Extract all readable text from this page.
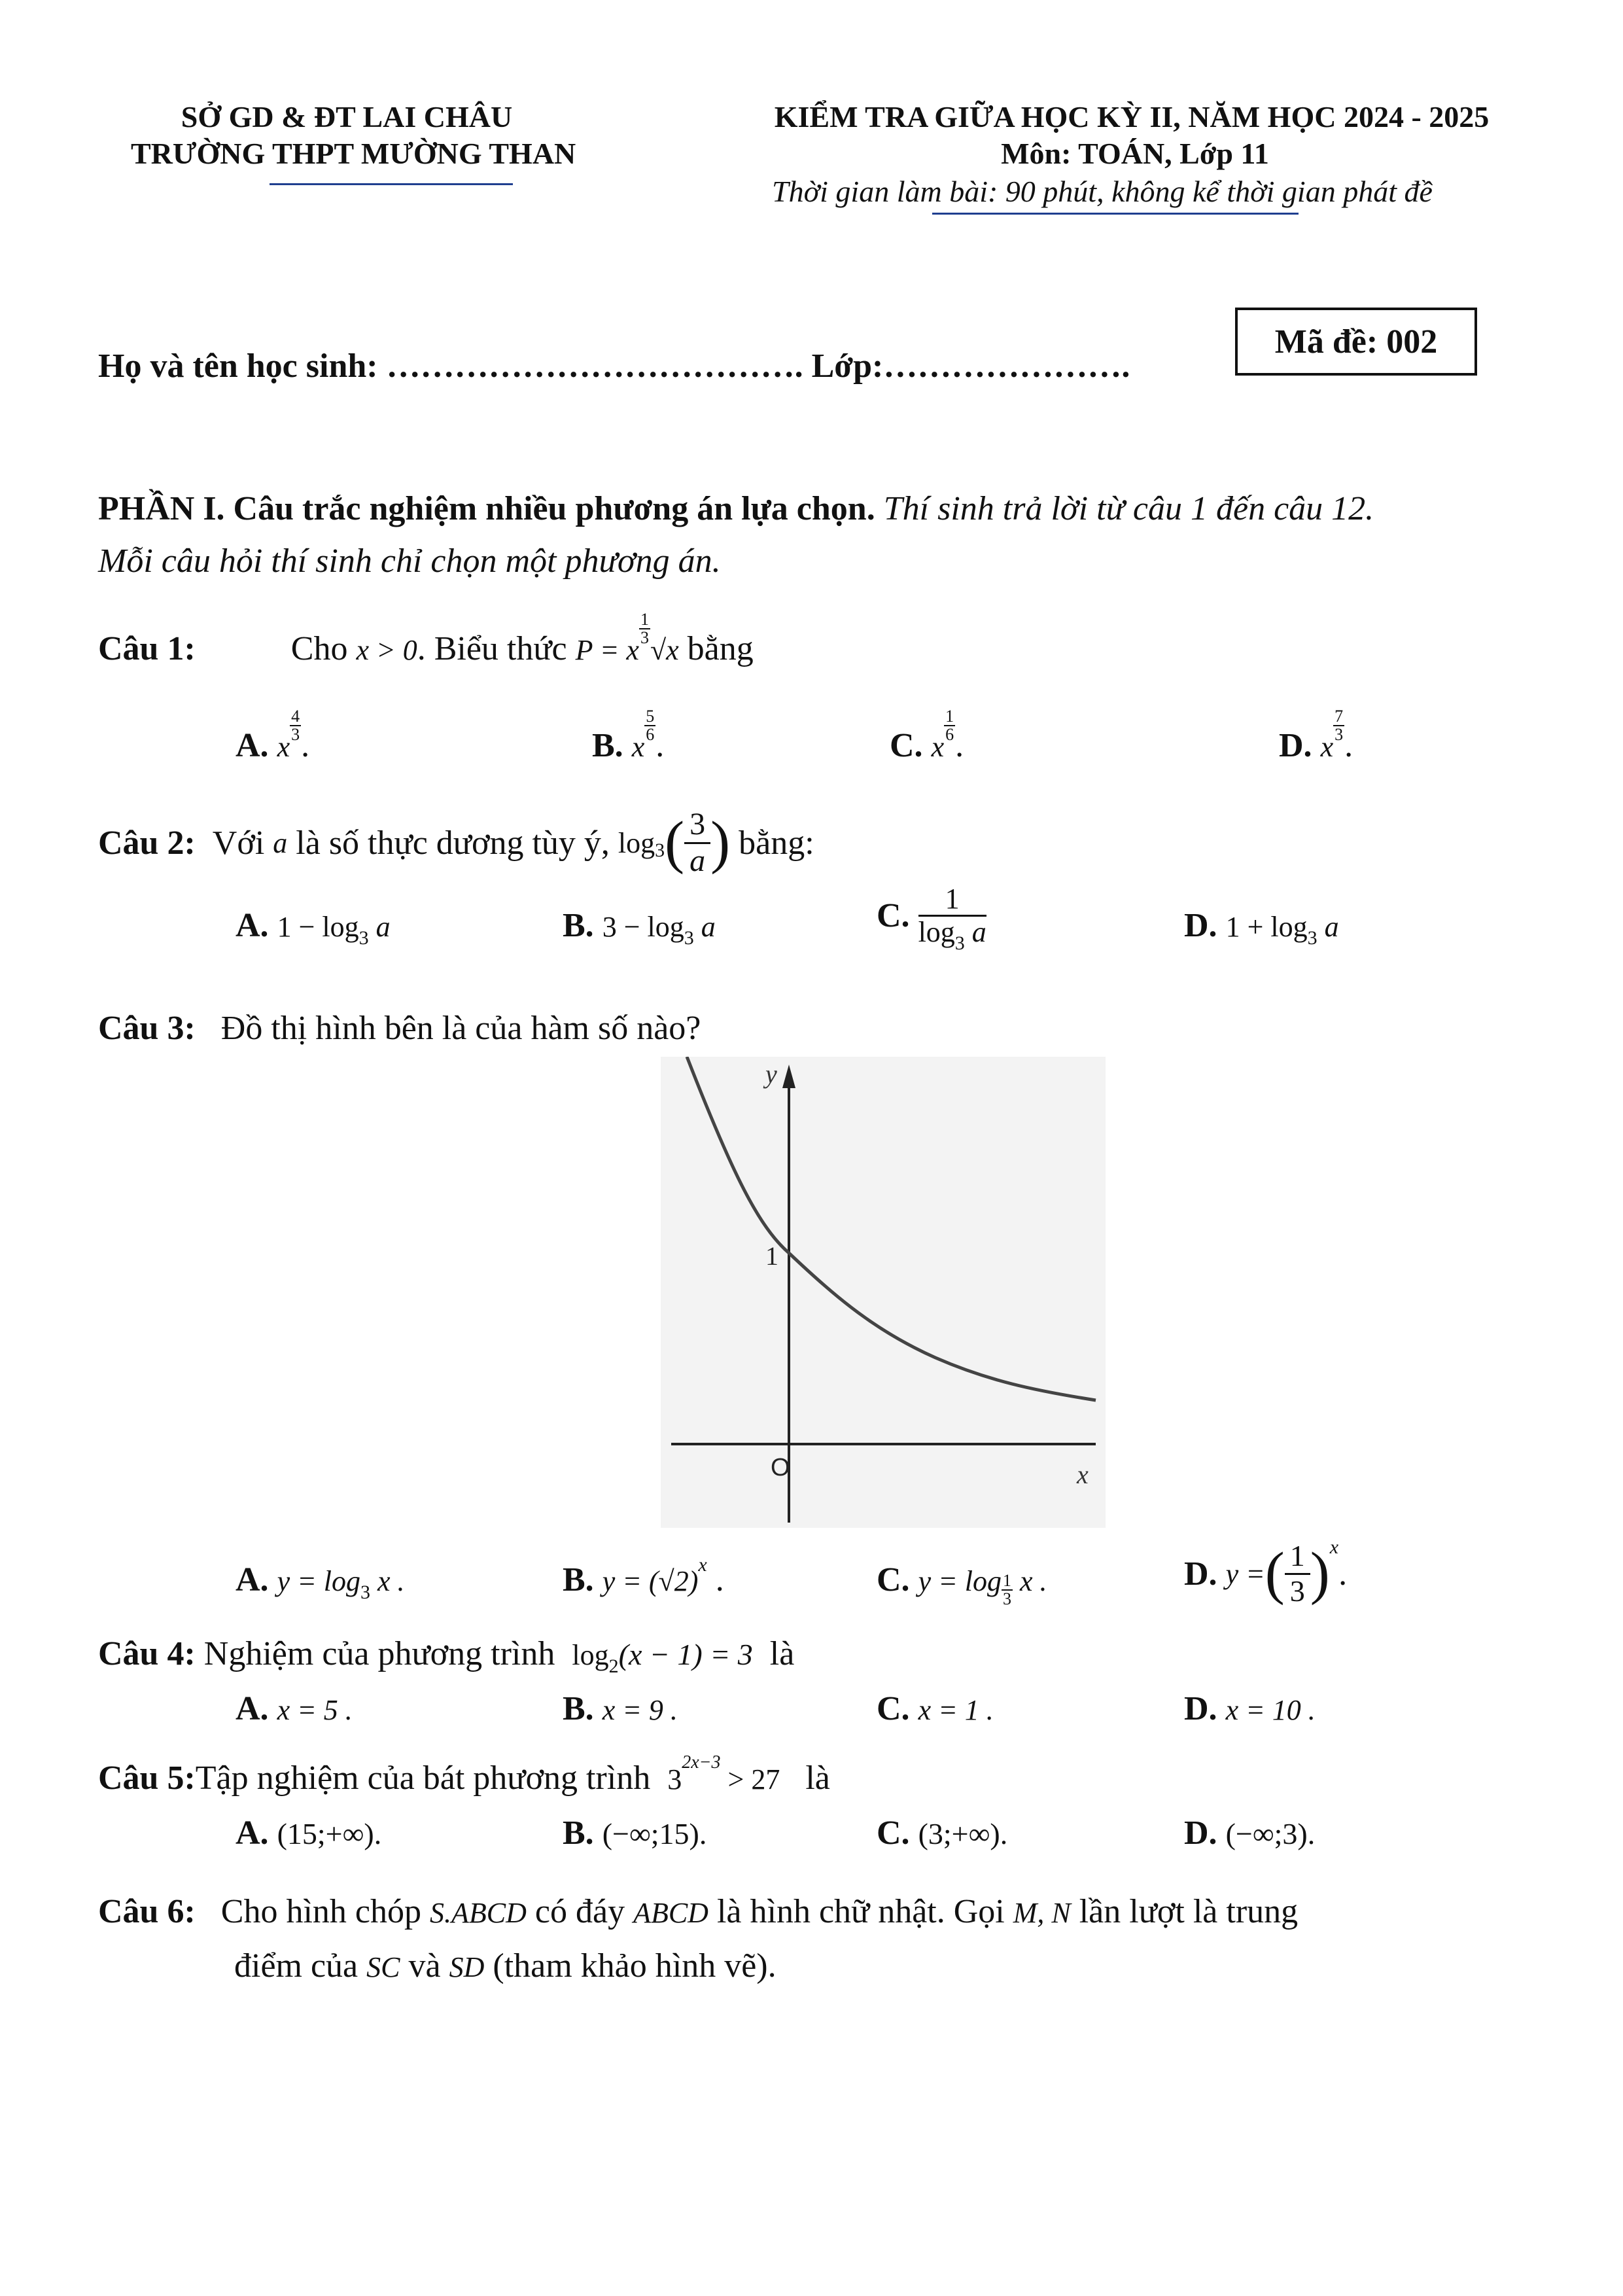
SỞ GD & ĐT LAI CHÂU
TRƯỜNG THPT MƯỜNG THAN
KIỂM TRA GIỮA HỌC KỲ II, NĂM HỌC 2024 - 2025
Môn: TOÁN, Lớp 11
Thời gian làm bài: 90 phút, không kể thời gian phát đề
Họ và tên học sinh: ………………………………. Lớp:………………….
Mã đề: 002
PHẦN I. Câu trắc nghiệm nhiều phương án lựa chọn. Thí sinh trả lời từ câu 1 đến câu 12.
Mỗi câu hỏi thí sinh chỉ chọn một phương án.
Câu 1:	Cho x > 0. Biểu thức P = x
$\frac{1}{3}$
√x bằng
A. x
$\frac{4}{3}$
.	B. x
$\frac{5}{6}$
.	C. x
$\frac{1}{6}$
.	D. x
$\frac{7}{3}$
.
Câu 2:
Với
a
là số thực dương tùy ý,
log 3 ( $\frac{3}{a}$ )
bằng:
A. $1 - \log_3 a$	B. $3 - \log_3 a$	C.
$\frac{1}{\log_3 a}$	D. $1 + \log_3 a$
Câu 3: Đồ thị hình bên là của hàm số nào?
y
x
O
1
A. $y = \log_3 x$ .	B. $y = (√2)^x$ .	C. $y = \log \frac{1}{3}$ x .	D.
y = ( $\frac{1}{3}$ ) x
.
Câu 4: Nghiệm của phương trình $\log_2(x - 1) = 3$ là
A. x = 5 .	B. x = 9 .	C. x = 1 .	D. x = 10 .
Câu 5:Tập nghiệm của bát phương trình $3^{2x-3} > 27$ là
A. (15;+∞).	B. (−∞;15).	C. (3;+∞).	D. (−∞;3).
Câu 6: Cho hình chóp S.ABCD có đáy ABCD là hình chữ nhật. Gọi M, N lần lượt là trung
điểm của SC và SD (tham khảo hình vẽ).
